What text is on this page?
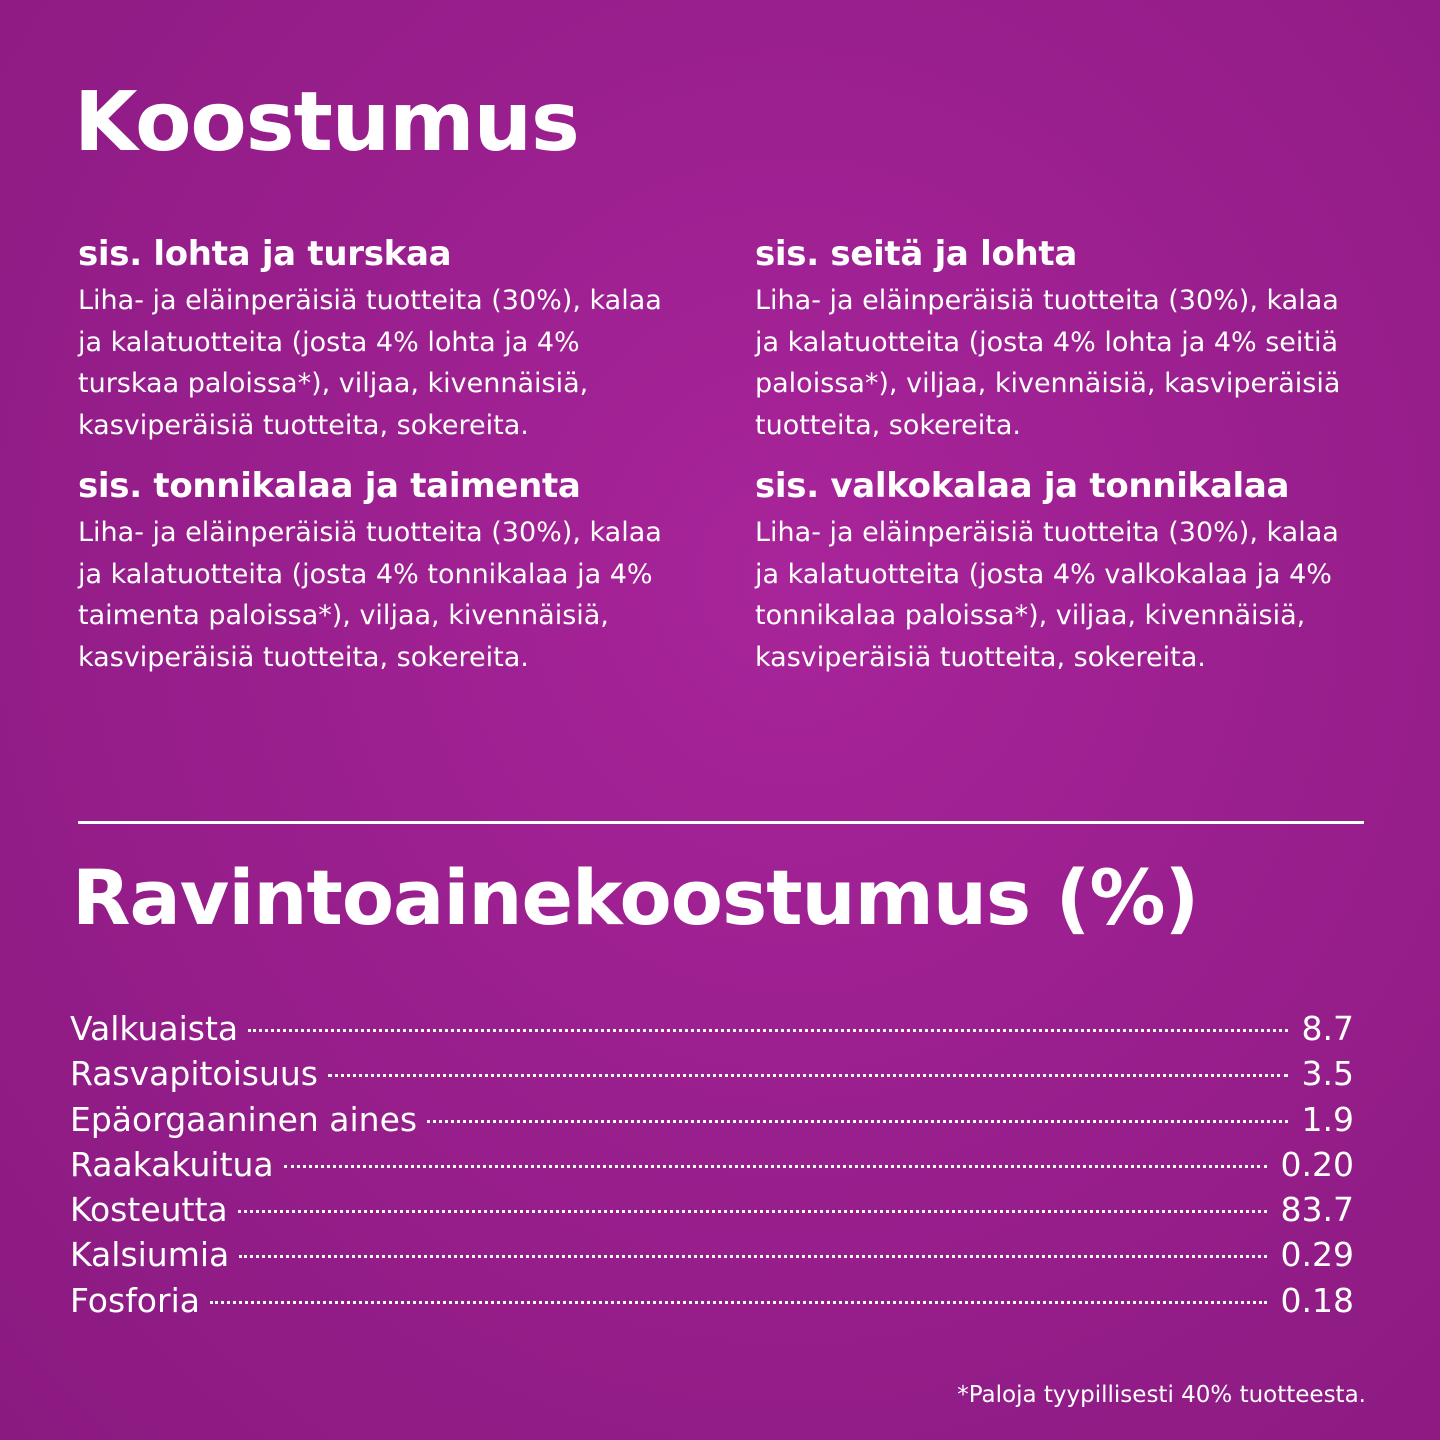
Koostumus
sis. lohta ja turskaa

Liha- ja eläinperäisiä tuotteita (30%), kalaa ja kalatuotteita (josta 4% lohta ja 4% turskaa paloissa*), viljaa, kivennäisiä, kasviperäisiä tuotteita, sokereita.

sis. seitä ja lohta

Liha- ja eläinperäisiä tuotteita (30%), kalaa ja kalatuotteita (josta 4% lohta ja 4% seitiä paloissa*), viljaa, kivennäisiä, kasviperäisiä tuotteita, sokereita.

sis. tonnikalaa ja taimenta

Liha- ja eläinperäisiä tuotteita (30%), kalaa ja kalatuotteita (josta 4% tonnikalaa ja 4% taimenta paloissa*), viljaa, kivennäisiä, kasviperäisiä tuotteita, sokereita.

sis. valkokalaa ja tonnikalaa

Liha- ja eläinperäisiä tuotteita (30%), kalaa ja kalatuotteita (josta 4% valkokalaa ja 4% tonnikalaa paloissa*), viljaa, kivennäisiä, kasviperäisiä tuotteita, sokereita.

Ravintoainekoostumus (%)
Valkuaista	8.7
Rasvapitoisuus	3.5
Epäorgaaninen aines	1.9
Raakakuitua	0.20
Kosteutta	83.7
Kalsiumia	0.29
Fosforia	0.18

*Paloja tyypillisesti 40% tuotteesta.
